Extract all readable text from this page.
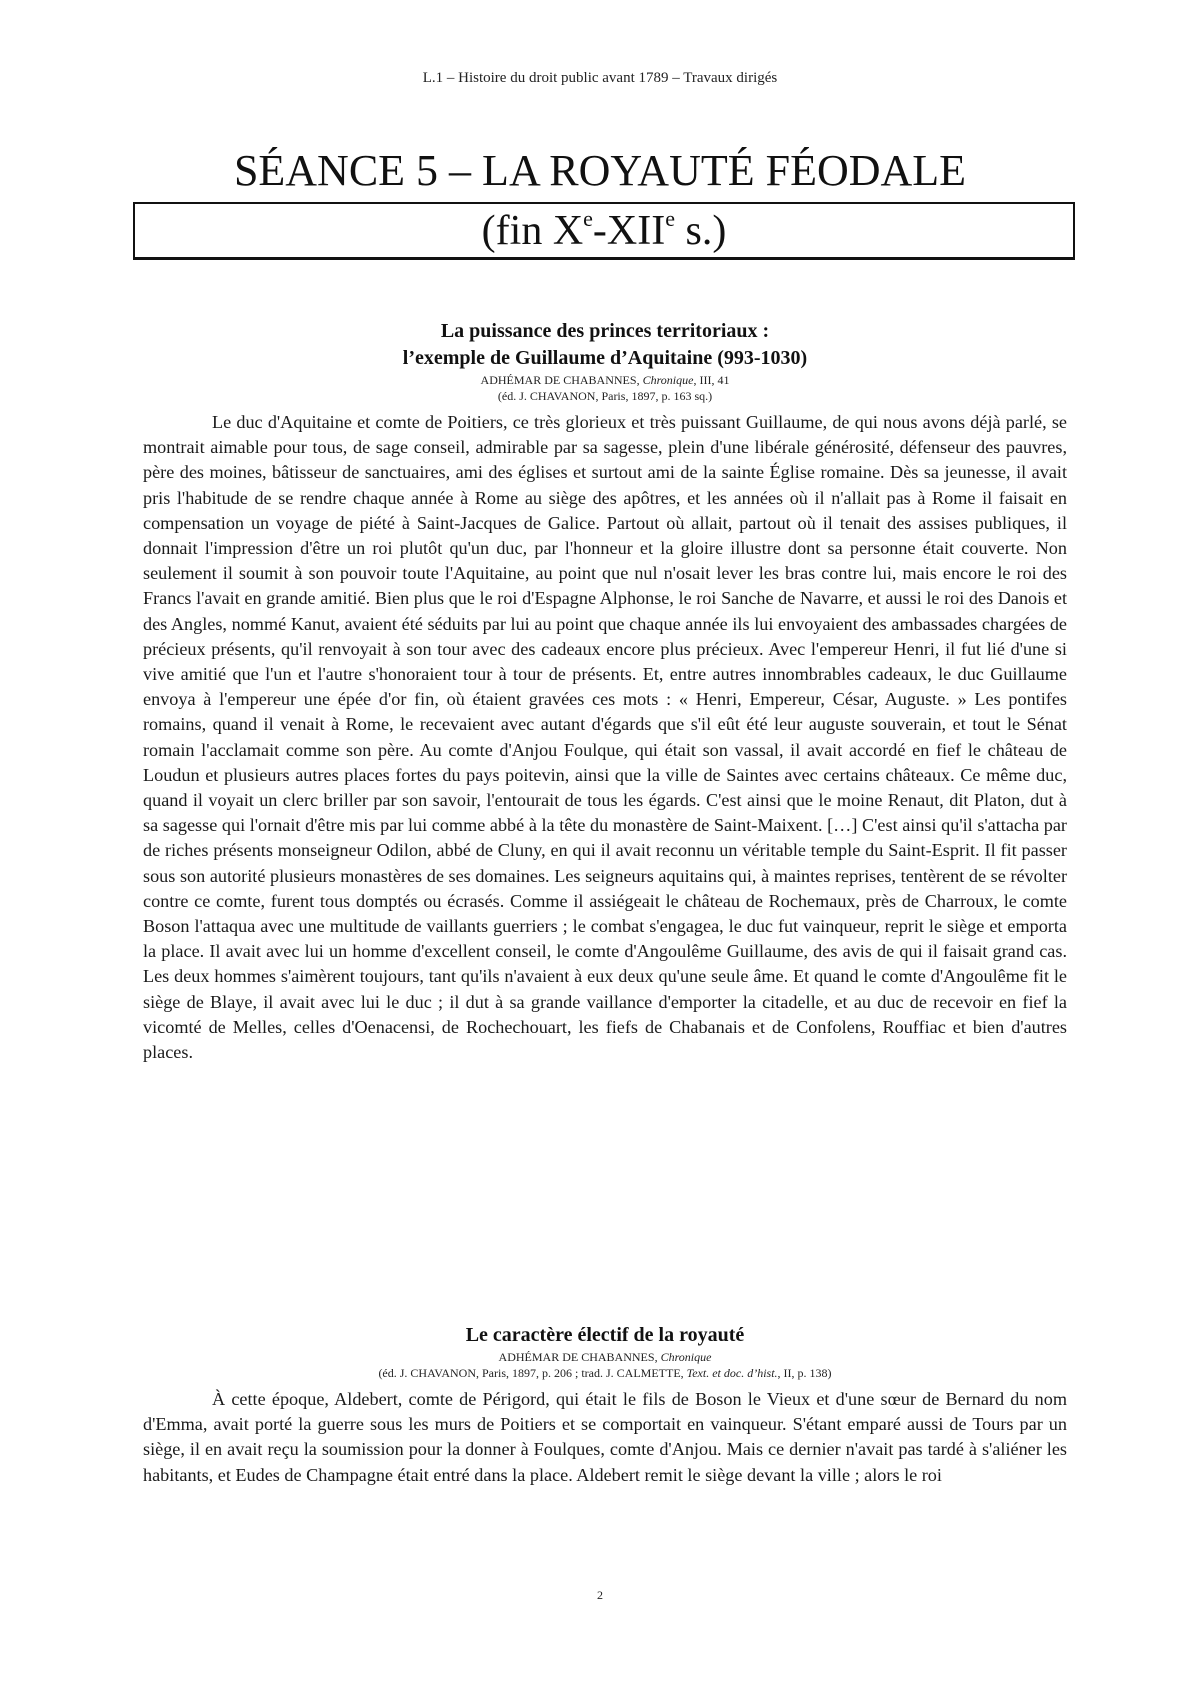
L.1 – Histoire du droit public avant 1789 – Travaux dirigés
SÉANCE 5 – LA ROYAUTÉ FÉODALE
(fin Xe-XIIe s.)
La puissance des princes territoriaux :
l’exemple de Guillaume d’Aquitaine (993-1030)
ADHÉMAR DE CHABANNES, Chronique, III, 41
(éd. J. CHAVANON, Paris, 1897, p. 163 sq.)

Le duc d'Aquitaine et comte de Poitiers, ce très glorieux et très puissant Guillaume, de qui nous avons déjà parlé, se montrait aimable pour tous, de sage conseil, admirable par sa sagesse, plein d'une libérale générosité, défenseur des pauvres, père des moines, bâtisseur de sanctuaires, ami des églises et surtout ami de la sainte Église romaine. Dès sa jeunesse, il avait pris l'habitude de se rendre chaque année à Rome au siège des apôtres, et les années où il n'allait pas à Rome il faisait en compensation un voyage de piété à Saint-Jacques de Galice. Partout où allait, partout où il tenait des assises publiques, il donnait l'impression d'être un roi plutôt qu'un duc, par l'honneur et la gloire illustre dont sa personne était couverte. Non seulement il soumit à son pouvoir toute l'Aquitaine, au point que nul n'osait lever les bras contre lui, mais encore le roi des Francs l'avait en grande amitié. Bien plus que le roi d'Espagne Alphonse, le roi Sanche de Navarre, et aussi le roi des Danois et des Angles, nommé Kanut, avaient été séduits par lui au point que chaque année ils lui envoyaient des ambassades chargées de précieux présents, qu'il renvoyait à son tour avec des cadeaux encore plus précieux. Avec l'empereur Henri, il fut lié d'une si vive amitié que l'un et l'autre s'honoraient tour à tour de présents. Et, entre autres innombrables cadeaux, le duc Guillaume envoya à l'empereur une épée d'or fin, où étaient gravées ces mots : « Henri, Empereur, César, Auguste. » Les pontifes romains, quand il venait à Rome, le recevaient avec autant d'égards que s'il eût été leur auguste souverain, et tout le Sénat romain l'acclamait comme son père. Au comte d'Anjou Foulque, qui était son vassal, il avait accordé en fief le château de Loudun et plusieurs autres places fortes du pays poitevin, ainsi que la ville de Saintes avec certains châteaux. Ce même duc, quand il voyait un clerc briller par son savoir, l'entourait de tous les égards. C'est ainsi que le moine Renaut, dit Platon, dut à sa sagesse qui l'ornait d'être mis par lui comme abbé à la tête du monastère de Saint-Maixent. […] C'est ainsi qu'il s'attacha par de riches présents monseigneur Odilon, abbé de Cluny, en qui il avait reconnu un véritable temple du Saint-Esprit. Il fit passer sous son autorité plusieurs monastères de ses domaines. Les seigneurs aquitains qui, à maintes reprises, tentèrent de se révolter contre ce comte, furent tous domptés ou écrasés. Comme il assiégeait le château de Rochemaux, près de Charroux, le comte Boson l'attaqua avec une multitude de vaillants guerriers ; le combat s'engagea, le duc fut vainqueur, reprit le siège et emporta la place. Il avait avec lui un homme d'excellent conseil, le comte d'Angoulême Guillaume, des avis de qui il faisait grand cas. Les deux hommes s'aimèrent toujours, tant qu'ils n'avaient à eux deux qu'une seule âme. Et quand le comte d'Angoulême fit le siège de Blaye, il avait avec lui le duc ; il dut à sa grande vaillance d'emporter la citadelle, et au duc de recevoir en fief la vicomté de Melles, celles d'Oenacensi, de Rochechouart, les fiefs de Chabanais et de Confolens, Rouffiac et bien d'autres places.

Le caractère électif de la royauté
ADHÉMAR DE CHABANNES, Chronique
(éd. J. CHAVANON, Paris, 1897, p. 206 ; trad. J. CALMETTE, Text. et doc. d’hist., II, p. 138)

À cette époque, Aldebert, comte de Périgord, qui était le fils de Boson le Vieux et d'une sœur de Bernard du nom d'Emma, avait porté la guerre sous les murs de Poitiers et se comportait en vainqueur. S'étant emparé aussi de Tours par un siège, il en avait reçu la soumission pour la donner à Foulques, comte d'Anjou. Mais ce dernier n'avait pas tardé à s'aliéner les habitants, et Eudes de Champagne était entré dans la place. Aldebert remit le siège devant la ville ; alors le roi

2
